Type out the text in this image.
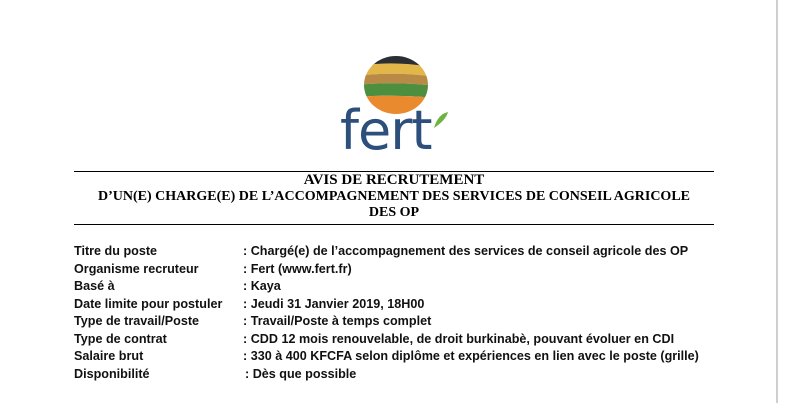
fert
AVIS DE RECRUTEMENT
D’UN(E) CHARGE(E) DE L’ACCOMPAGNEMENT DES SERVICES DE CONSEIL AGRICOLE
DES OP
Titre du poste	: Chargé(e) de l’accompagnement des services de conseil agricole des OP
Organisme recruteur	: Fert (www.fert.fr)
Basé à	: Kaya
Date limite pour postuler : Jeudi 31 Janvier 2019, 18H00
Type de travail/Poste	: Travail/Poste à temps complet
Type de contrat	: CDD 12 mois renouvelable, de droit burkinabè, pouvant évoluer en CDI
Salaire brut	: 330 à 400 KFCFA selon diplôme et expériences en lien avec le poste (grille)
Disponibilité	: Dès que possible
